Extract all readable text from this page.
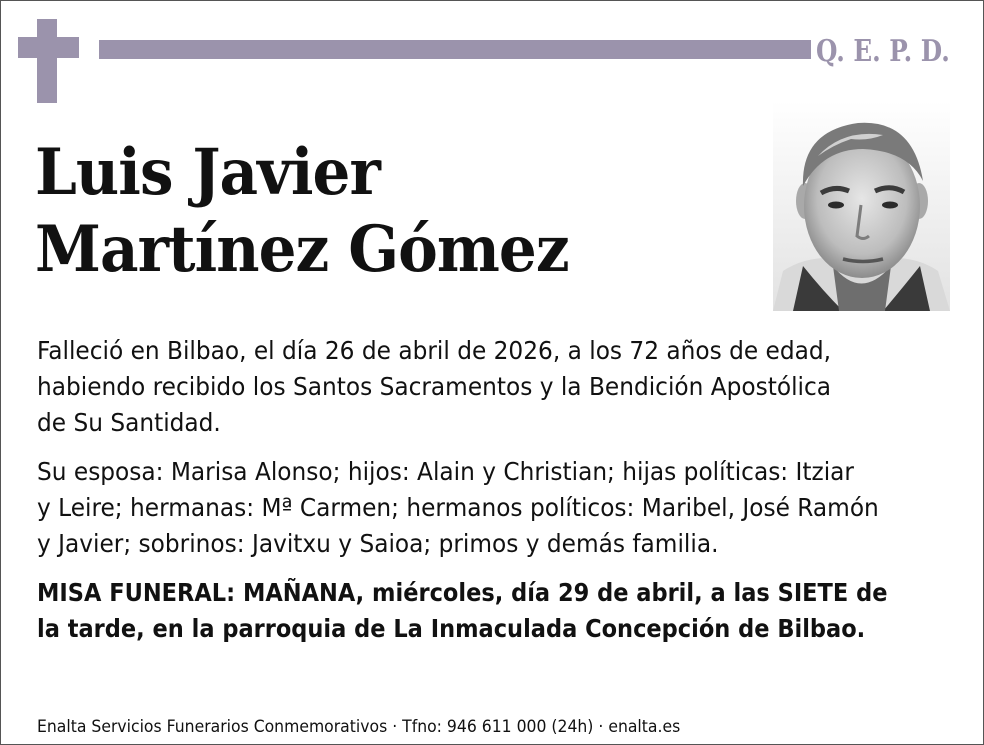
Q. E. P. D.
Luis Javier
Martínez Gómez
Falleció en Bilbao, el día 26 de abril de 2026, a los 72 años de edad,
habiendo recibido los Santos Sacramentos y la Bendición Apostólica
de Su Santidad.
Su esposa: Marisa Alonso; hijos: Alain y Christian; hijas políticas: Itziar
y Leire; hermanas: Mª Carmen; hermanos políticos: Maribel, José Ramón
y Javier; sobrinos: Javitxu y Saioa; primos y demás familia.
MISA FUNERAL: MAÑANA, miércoles, día 29 de abril, a las SIETE de
la tarde, en la parroquia de La Inmaculada Concepción de Bilbao.
Enalta Servicios Funerarios Conmemorativos · Tfno: 946 611 000 (24h) · enalta.es
